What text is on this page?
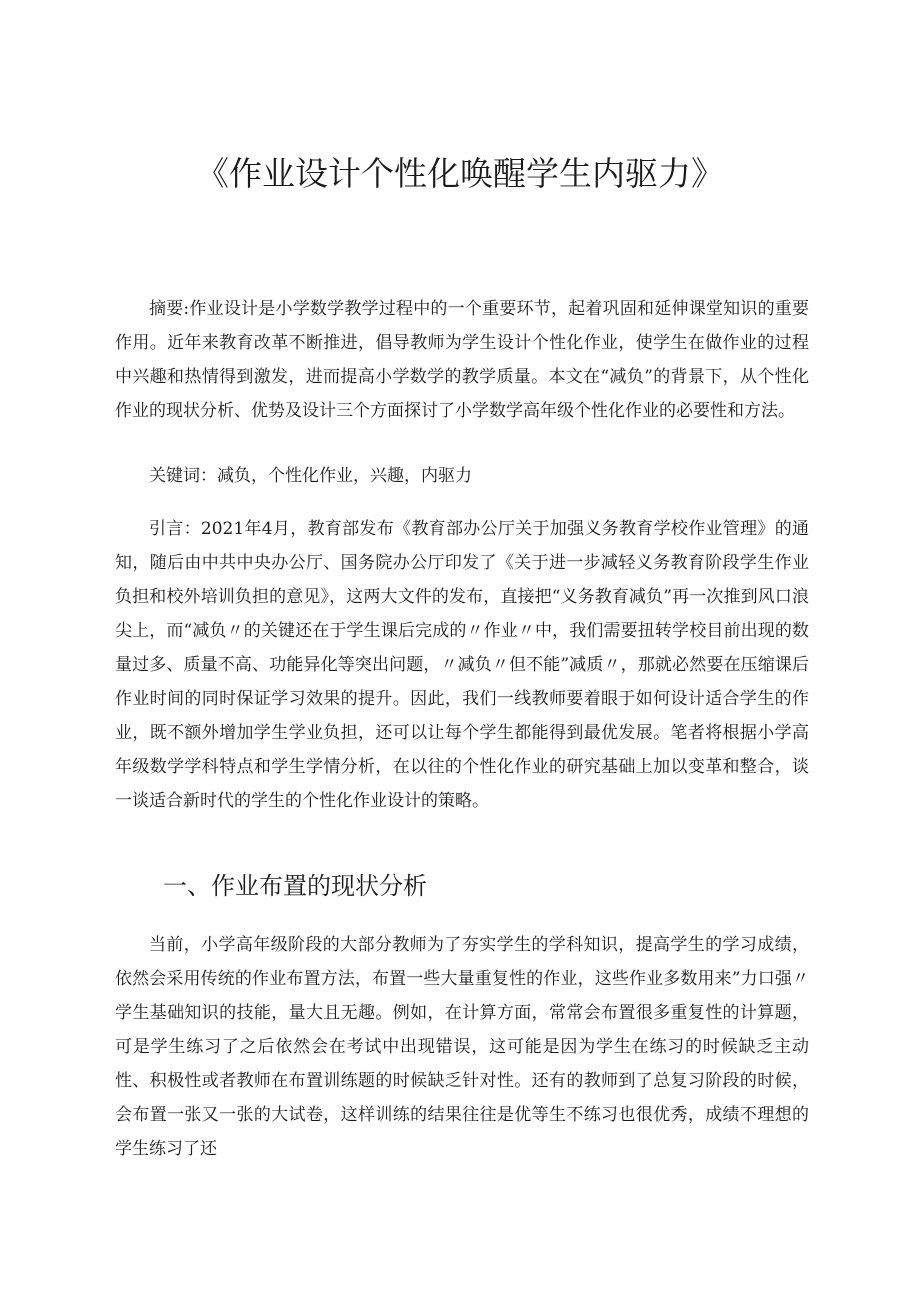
《作业设计个性化唤醒学生内驱力》

摘要:作业设计是小学数学教学过程中的一个重要环节，起着巩固和延伸课堂知识的重要作用。近年来教育改革不断推进，倡导教师为学生设计个性化作业，使学生在做作业的过程中兴趣和热情得到激发，进而提高小学数学的教学质量。本文在“减负”的背景下，从个性化作业的现状分析、优势及设计三个方面探讨了小学数学高年级个性化作业的必要性和方法。

关键词：减负，个性化作业，兴趣，内驱力

引言：2021年4月，教育部发布《教育部办公厅关于加强义务教育学校作业管理》的通知，随后由中共中央办公厅、国务院办公厅印发了《关于进一步减轻义务教育阶段学生作业负担和校外培训负担的意见》，这两大文件的发布，直接把“义务教育减负”再一次推到风口浪尖上，而“减负〃的关键还在于学生课后完成的〃作业〃中，我们需要扭转学校目前出现的数量过多、质量不高、功能异化等突出问题，〃减负〃但不能”减质〃，那就必然要在压缩课后作业时间的同时保证学习效果的提升。因此，我们一线教师要着眼于如何设计适合学生的作业，既不额外增加学生学业负担，还可以让每个学生都能得到最优发展。笔者将根据小学高年级数学学科特点和学生学情分析，在以往的个性化作业的研究基础上加以变革和整合，谈一谈适合新时代的学生的个性化作业设计的策略。

一、作业布置的现状分析

当前，小学高年级阶段的大部分教师为了夯实学生的学科知识，提高学生的学习成绩，依然会采用传统的作业布置方法，布置一些大量重复性的作业，这些作业多数用来”力口强〃学生基础知识的技能，量大且无趣。例如，在计算方面，常常会布置很多重复性的计算题，可是学生练习了之后依然会在考试中出现错误，这可能是因为学生在练习的时候缺乏主动性、积极性或者教师在布置训练题的时候缺乏针对性。还有的教师到了总复习阶段的时候，会布置一张又一张的大试卷，这样训练的结果往往是优等生不练习也很优秀，成绩不理想的学生练习了还
